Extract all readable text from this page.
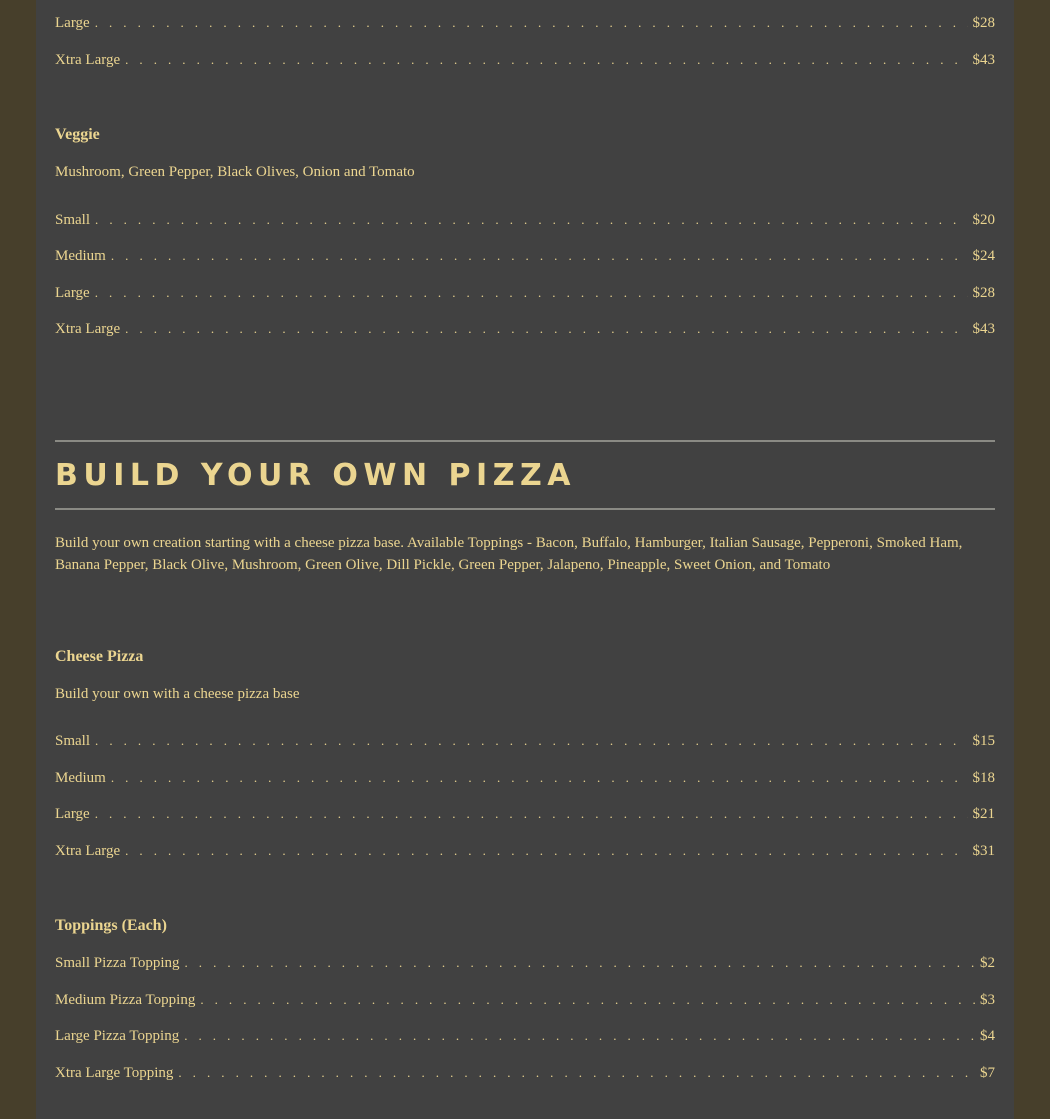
Large . . .	$28
Xtra Large . . .	$43
Veggie
Mushroom, Green Pepper, Black Olives, Onion and Tomato
Small . . .	$20
Medium . . .	$24
Large . . .	$28
Xtra Large . . .	$43
BUILD YOUR OWN PIZZA
Build your own creation starting with a cheese pizza base. Available Toppings - Bacon, Buffalo, Hamburger, Italian Sausage, Pepperoni, Smoked Ham, Banana Pepper, Black Olive, Mushroom, Green Olive, Dill Pickle, Green Pepper, Jalapeno, Pineapple, Sweet Onion, and Tomato
Cheese Pizza
Build your own with a cheese pizza base
Small . . .	$15
Medium . . .	$18
Large . . .	$21
Xtra Large . . .	$31
Toppings (Each)
Small Pizza Topping . . .	$2
Medium Pizza Topping . . .	$3
Large Pizza Topping . . .	$4
Xtra Large Topping . . .	$7
